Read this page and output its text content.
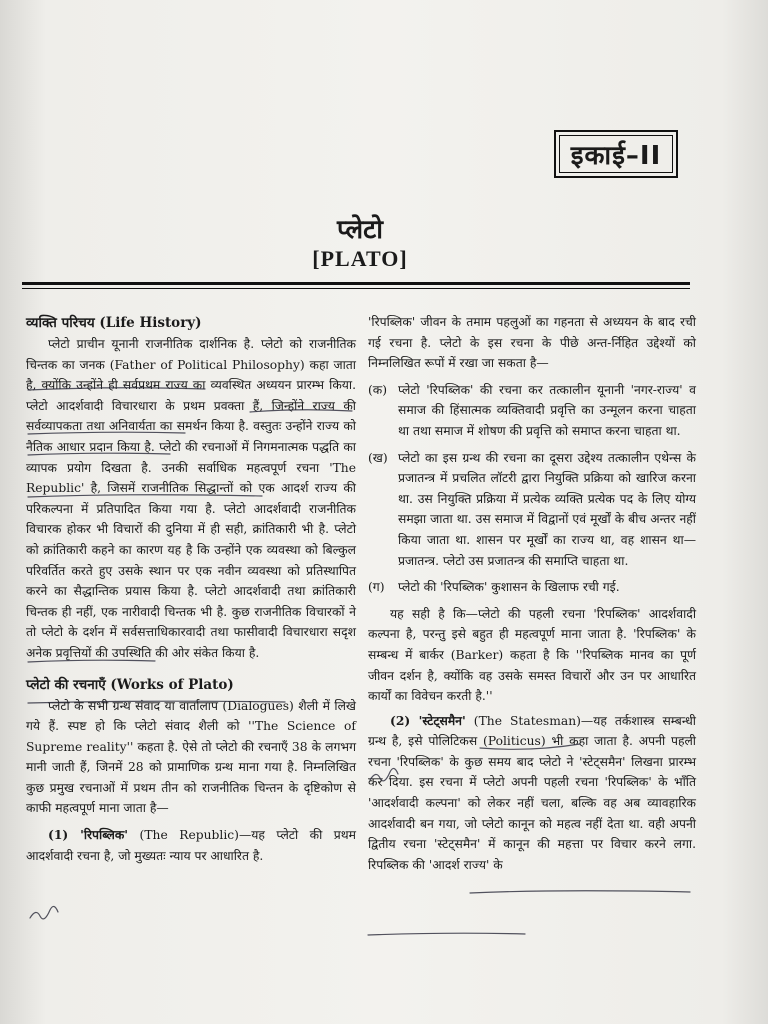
इकाई–II
प्लेटो
[PLATO]

व्यक्ति परिचय (Life History)

प्लेटो प्राचीन यूनानी राजनीतिक दार्शनिक है. प्लेटो को राजनीतिक चिन्तक का जनक (Father of Political Philosophy) कहा जाता है, क्योंकि उन्होंने ही सर्वप्रथम राज्य का व्यवस्थित अध्ययन प्रारम्भ किया. प्लेटो आदर्शवादी विचारधारा के प्रथम प्रवक्ता हैं, जिन्होंने राज्य की सर्वव्यापकता तथा अनिवार्यता का समर्थन किया है. वस्तुतः उन्होंने राज्य को नैतिक आधार प्रदान किया है. प्लेटो की रचनाओं में निगमनात्मक पद्धति का व्यापक प्रयोग दिखता है. उनकी सर्वाधिक महत्वपूर्ण रचना 'The Republic' है, जिसमें राजनीतिक सिद्धान्तों को एक आदर्श राज्य की परिकल्पना में प्रतिपादित किया गया है. प्लेटो आदर्शवादी राजनीतिक विचारक होकर भी विचारों की दुनिया में ही सही, क्रांतिकारी भी है. प्लेटो को क्रांतिकारी कहने का कारण यह है कि उन्होंने एक व्यवस्था को बिल्कुल परिवर्तित करते हुए उसके स्थान पर एक नवीन व्यवस्था को प्रतिस्थापित करने का सैद्धान्तिक प्रयास किया है. प्लेटो आदर्शवादी तथा क्रांतिकारी चिन्तक ही नहीं, एक नारीवादी चिन्तक भी है. कुछ राजनीतिक विचारकों ने तो प्लेटो के दर्शन में सर्वसत्ताधिकारवादी तथा फासीवादी विचारधारा सदृश अनेक प्रवृत्तियों की उपस्थिति की ओर संकेत किया है.

प्लेटो की रचनाएँ (Works of Plato)

प्लेटो के सभी ग्रन्थ संवाद या वार्तालाप (Dialogues) शैली में लिखे गये हैं. स्पष्ट हो कि प्लेटो संवाद शैली को ''The Science of Supreme reality'' कहता है. ऐसे तो प्लेटो की रचनाएँ 38 के लगभग मानी जाती हैं, जिनमें 28 को प्रामाणिक ग्रन्थ माना गया है. निम्नलिखित कुछ प्रमुख रचनाओं में प्रथम तीन को राजनीतिक चिन्तन के दृष्टिकोण से काफी महत्वपूर्ण माना जाता है—

(1) 'रिपब्लिक' (The Republic)—यह प्लेटो की प्रथम आदर्शवादी रचना है, जो मुख्यतः न्याय पर आधारित है.

'रिपब्लिक' जीवन के तमाम पहलुओं का गहनता से अध्ययन के बाद रची गई रचना है. प्लेटो के इस रचना के पीछे अन्त-र्निहित उद्देश्यों को निम्नलिखित रूपों में रखा जा सकता है—

(क) प्लेटो 'रिपब्लिक' की रचना कर तत्कालीन यूनानी 'नगर-राज्य' व समाज की हिंसात्मक व्यक्तिवादी प्रवृत्ति का उन्मूलन करना चाहता था तथा समाज में शोषण की प्रवृत्ति को समाप्त करना चाहता था.
(ख) प्लेटो का इस ग्रन्थ की रचना का दूसरा उद्देश्य तत्कालीन एथेन्स के प्रजातन्त्र में प्रचलित लॉटरी द्वारा नियुक्ति प्रक्रिया को खारिज करना था. उस नियुक्ति प्रक्रिया में प्रत्येक व्यक्ति प्रत्येक पद के लिए योग्य समझा जाता था. उस समाज में विद्वानों एवं मूर्खों के बीच अन्तर नहीं किया जाता था. शासन पर मूर्खों का राज्य था, वह शासन था—प्रजातन्त्र. प्लेटो उस प्रजातन्त्र की समाप्ति चाहता था.
(ग)	प्लेटो की 'रिपब्लिक' कुशासन के खिलाफ रची गई.

यह सही है कि—प्लेटो की पहली रचना 'रिपब्लिक' आदर्शवादी कल्पना है, परन्तु इसे बहुत ही महत्वपूर्ण माना जाता है. 'रिपब्लिक' के सम्बन्ध में बार्कर (Barker) कहता है कि ''रिपब्लिक मानव का पूर्ण जीवन दर्शन है, क्योंकि वह उसके समस्त विचारों और उन पर आधारित कार्यों का विवेचन करती है.''

(2) 'स्टेट्समैन' (The Statesman)—यह तर्कशास्त्र सम्बन्धी ग्रन्थ है, इसे पोलिटिकस (Politicus) भी कहा जाता है. अपनी पहली रचना 'रिपब्लिक' के कुछ समय बाद प्लेटो ने 'स्टेट्समैन' लिखना प्रारम्भ कर दिया. इस रचना में प्लेटो अपनी पहली रचना 'रिपब्लिक' के भाँति 'आदर्शवादी कल्पना' को लेकर नहीं चला, बल्कि वह अब व्यावहारिक आदर्शवादी बन गया, जो प्लेटो कानून को महत्व नहीं देता था. वही अपनी द्वितीय रचना 'स्टेट्समैन' में कानून की महत्ता पर विचार करने लगा. रिपब्लिक की 'आदर्श राज्य' के
